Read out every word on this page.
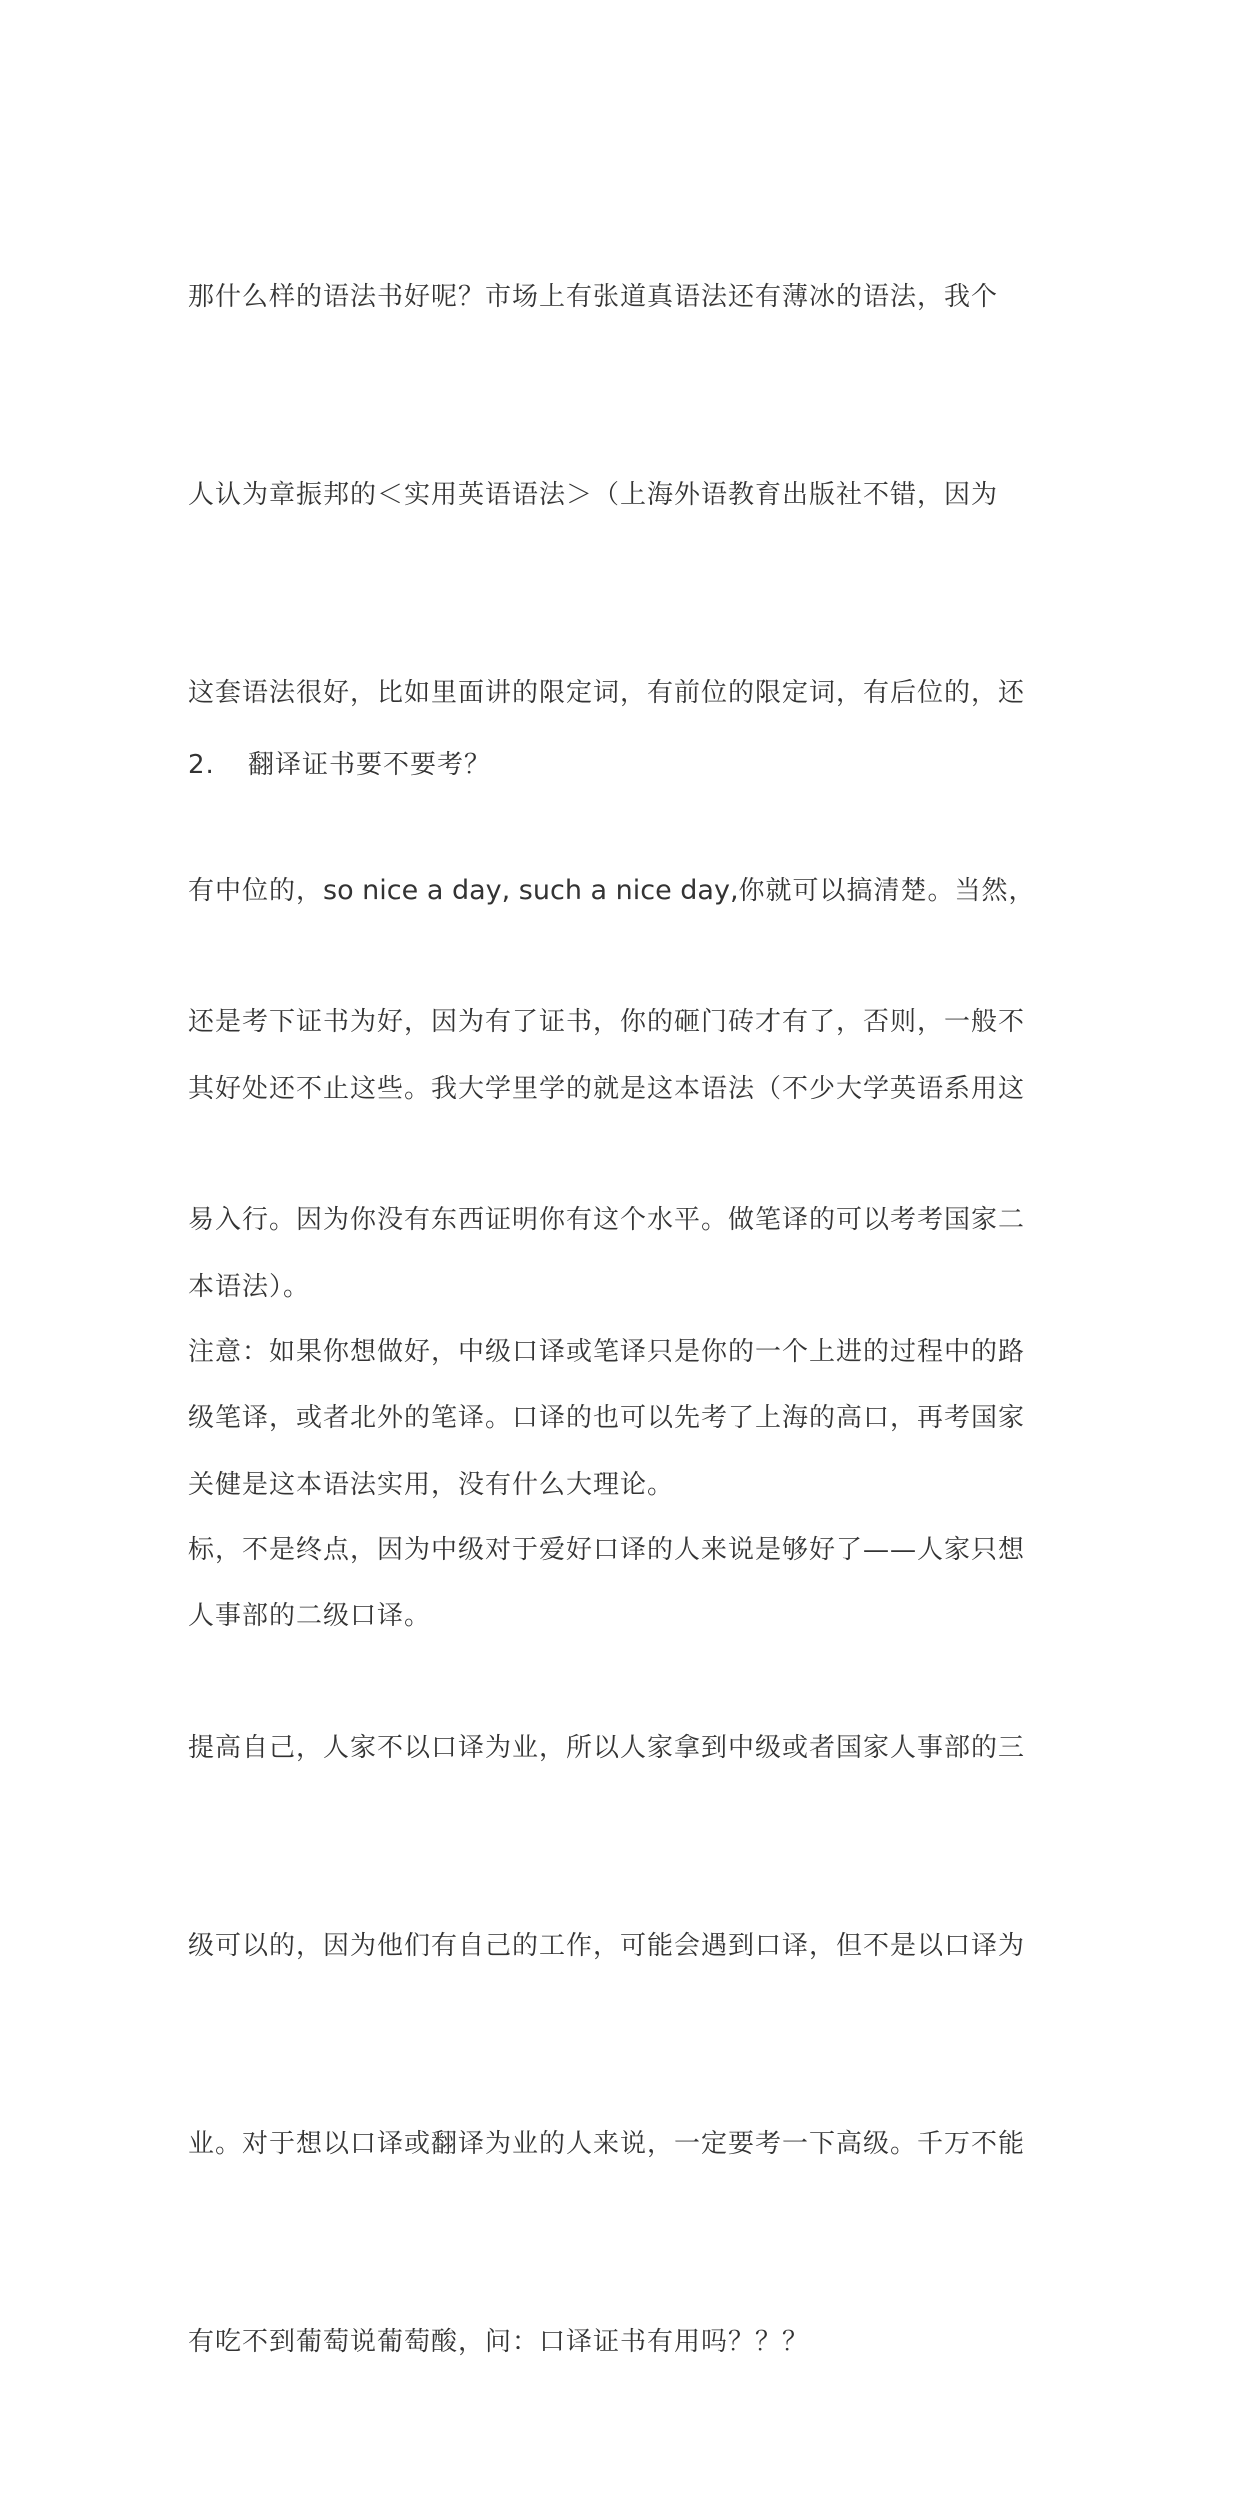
那什么样的语法书好呢？市场上有张道真语法还有薄冰的语法，我个

人认为章振邦的＜实用英语语法＞（上海外语教育出版社不错，因为

这套语法很好，比如里面讲的限定词，有前位的限定词，有后位的，还

有中位的，so nice a day, such a nice day,你就可以搞清楚。当然，

其好处还不止这些。我大学里学的就是这本语法（不少大学英语系用这

本语法）。

关健是这本语法实用，没有什么大理论。

2. 翻译证书要不要考？

还是考下证书为好，因为有了证书，你的砸门砖才有了，否则，一般不

易入行。因为你没有东西证明你有这个水平。做笔译的可以考考国家二

级笔译，或者北外的笔译。口译的也可以先考了上海的高口，再考国家

人事部的二级口译。

注意：如果你想做好，中级口译或笔译只是你的一个上进的过程中的路

标，不是终点，因为中级对于爱好口译的人来说是够好了——人家只想

提高自己，人家不以口译为业，所以人家拿到中级或者国家人事部的三

级可以的，因为他们有自己的工作，可能会遇到口译，但不是以口译为

业。对于想以口译或翻译为业的人来说，一定要考一下高级。千万不能

有吃不到葡萄说葡萄酸，问：口译证书有用吗？？？
